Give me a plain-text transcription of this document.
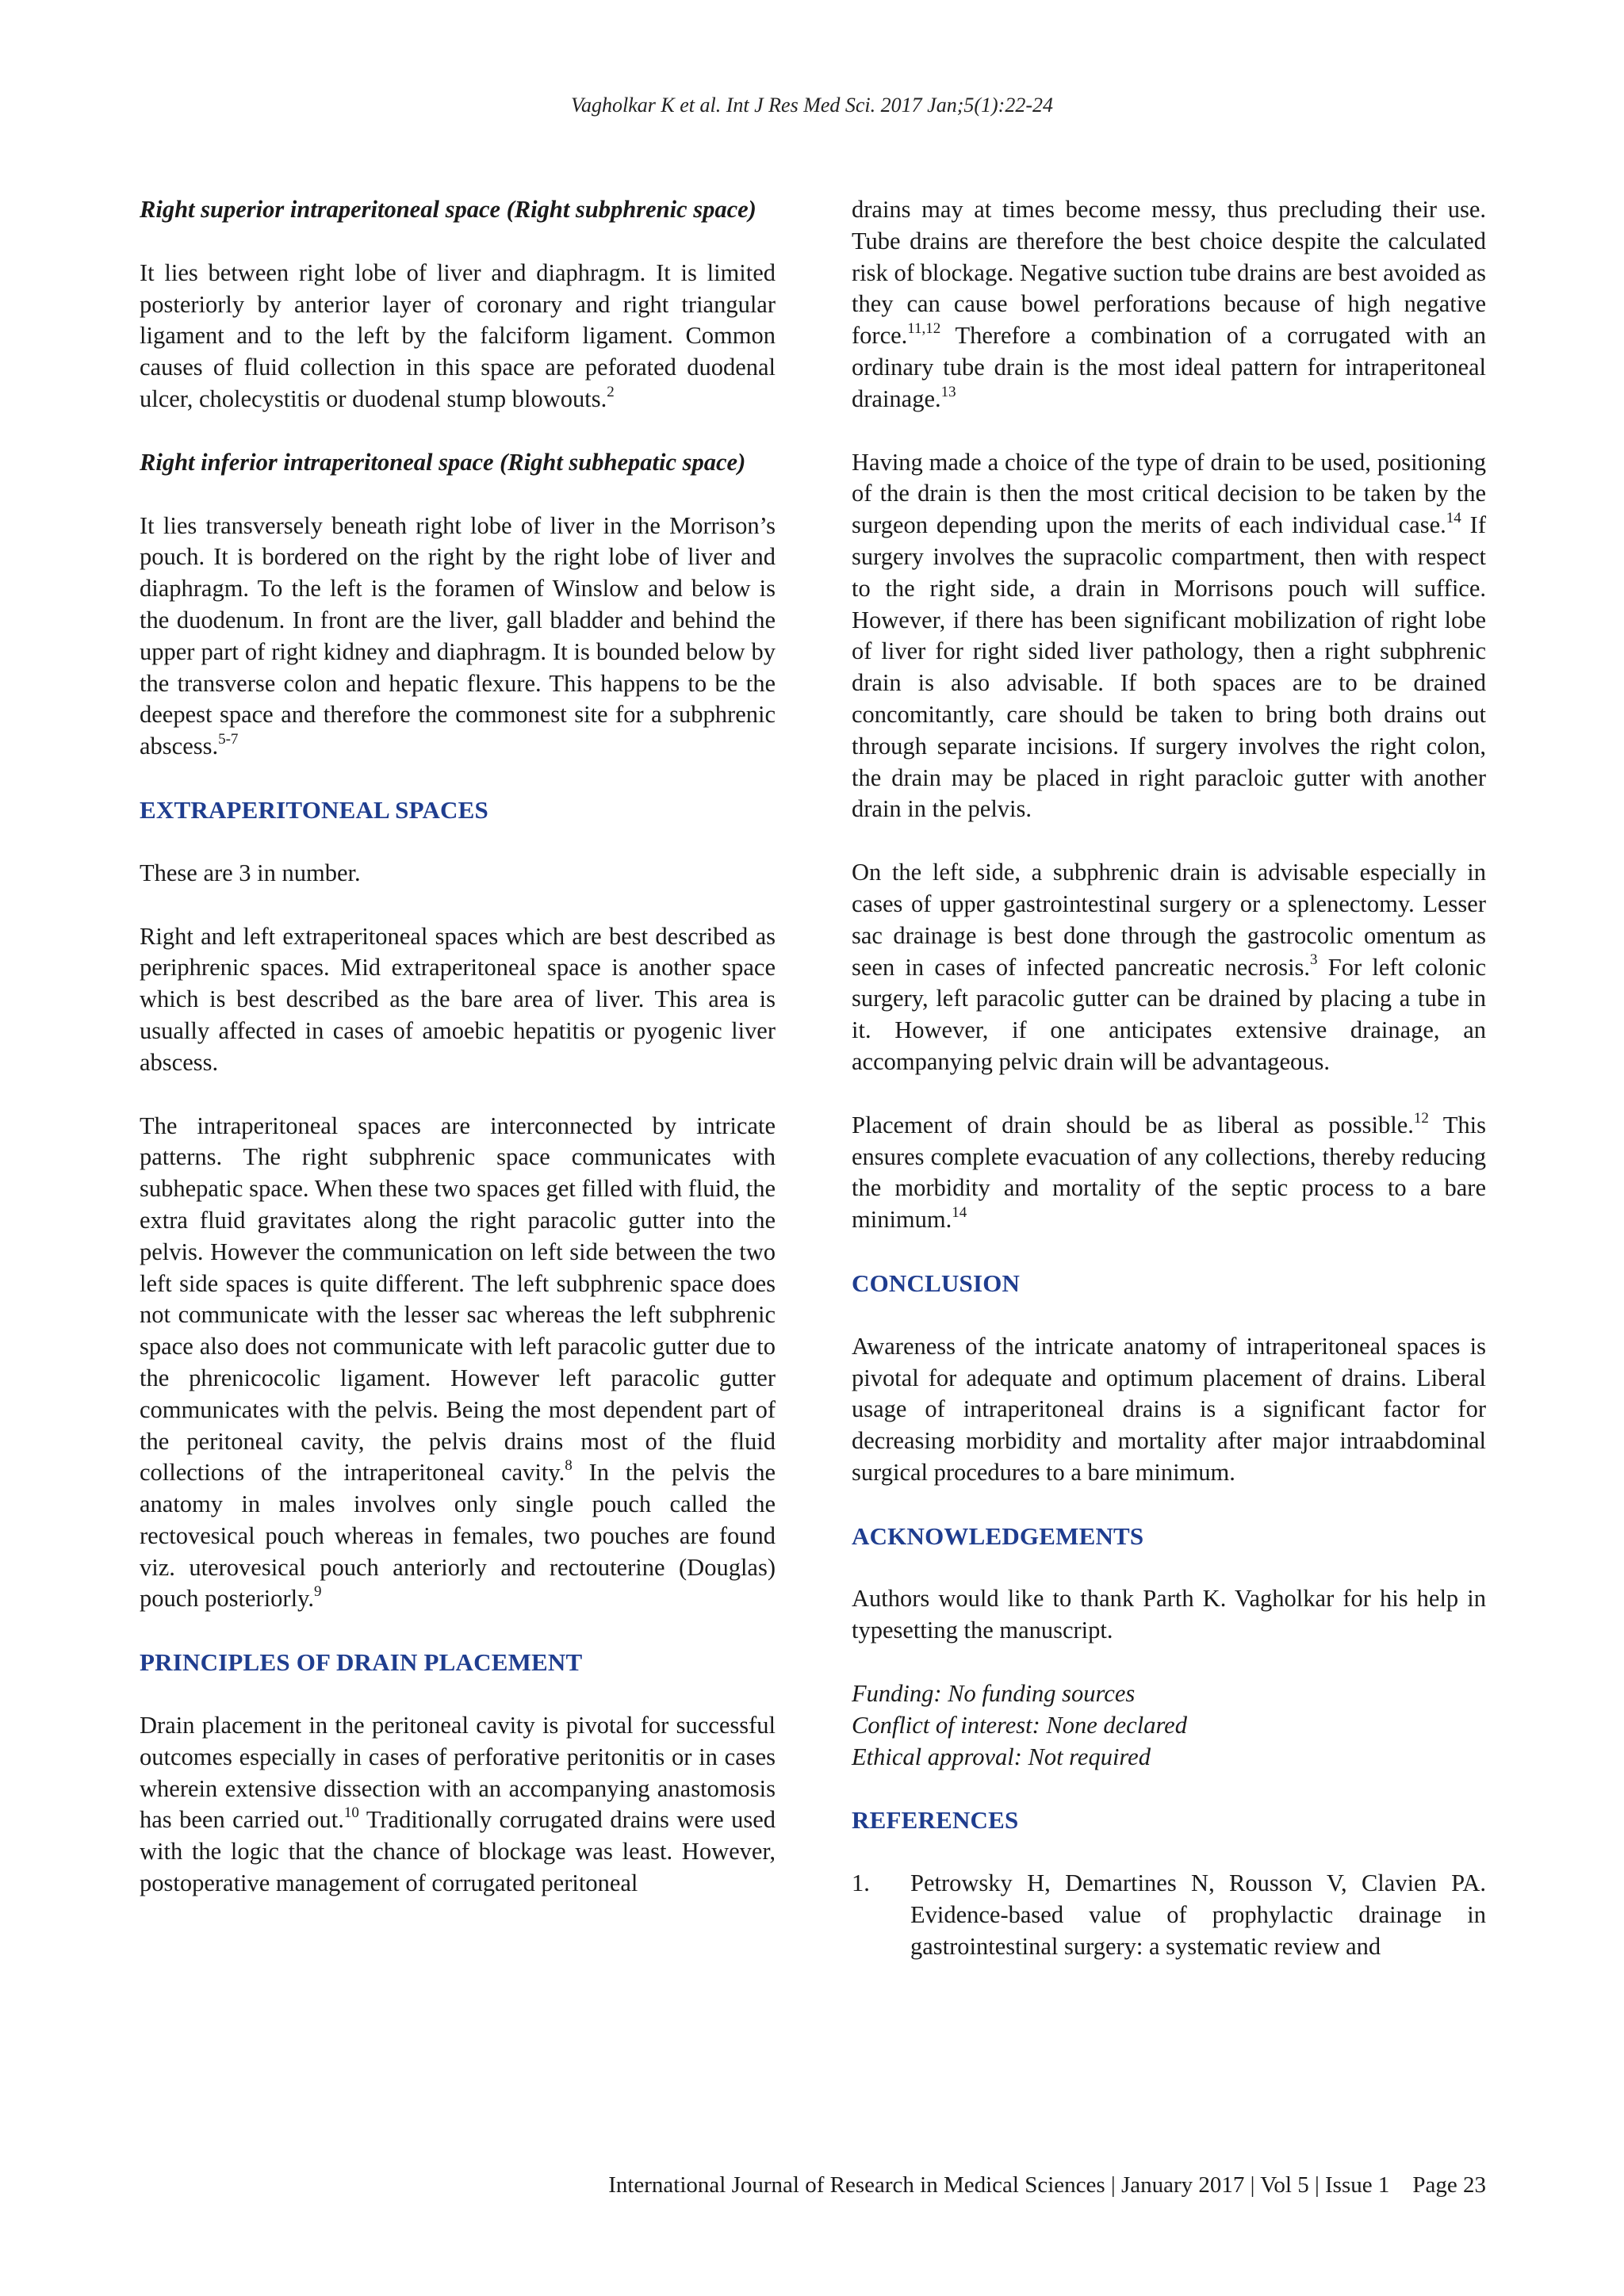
Vagholkar K et al. Int J Res Med Sci. 2017 Jan;5(1):22-24
Right superior intraperitoneal space (Right subphrenic space)

It lies between right lobe of liver and diaphragm. It is limited posteriorly by anterior layer of coronary and right triangular ligament and to the left by the falciform ligament. Common causes of fluid collection in this space are peforated duodenal ulcer, cholecystitis or duodenal stump blowouts.$^2$

Right inferior intraperitoneal space (Right subhepatic space)

It lies transversely beneath right lobe of liver in the Morrison’s pouch. It is bordered on the right by the right lobe of liver and diaphragm. To the left is the foramen of Winslow and below is the duodenum. In front are the liver, gall bladder and behind the upper part of right kidney and diaphragm. It is bounded below by the transverse colon and hepatic flexure. This happens to be the deepest space and therefore the commonest site for a subphrenic abscess.$^{5-7}$

EXTRAPERITONEAL SPACES

These are 3 in number.

Right and left extraperitoneal spaces which are best described as periphrenic spaces. Mid extraperitoneal space is another space which is best described as the bare area of liver. This area is usually affected in cases of amoebic hepatitis or pyogenic liver abscess.

The intraperitoneal spaces are interconnected by intricate patterns. The right subphrenic space communicates with subhepatic space. When these two spaces get filled with fluid, the extra fluid gravitates along the right paracolic gutter into the pelvis. However the communication on left side between the two left side spaces is quite different. The left subphrenic space does not communicate with the lesser sac whereas the left subphrenic space also does not communicate with left paracolic gutter due to the phrenicocolic ligament. However left paracolic gutter communicates with the pelvis. Being the most dependent part of the peritoneal cavity, the pelvis drains most of the fluid collections of the intraperitoneal cavity.$^8$ In the pelvis the anatomy in males involves only single pouch called the rectovesical pouch whereas in females, two pouches are found viz. uterovesical pouch anteriorly and rectouterine (Douglas) pouch posteriorly.$^9$

PRINCIPLES OF DRAIN PLACEMENT

Drain placement in the peritoneal cavity is pivotal for successful outcomes especially in cases of perforative peritonitis or in cases wherein extensive dissection with an accompanying anastomosis has been carried out.$^{10}$ Traditionally corrugated drains were used with the logic that the chance of blockage was least. However, postoperative management of corrugated peritoneal

drains may at times become messy, thus precluding their use. Tube drains are therefore the best choice despite the calculated risk of blockage. Negative suction tube drains are best avoided as they can cause bowel perforations because of high negative force.$^{11,12}$ Therefore a combination of a corrugated with an ordinary tube drain is the most ideal pattern for intraperitoneal drainage.$^{13}$

Having made a choice of the type of drain to be used, positioning of the drain is then the most critical decision to be taken by the surgeon depending upon the merits of each individual case.$^{14}$ If surgery involves the supracolic compartment, then with respect to the right side, a drain in Morrisons pouch will suffice. However, if there has been significant mobilization of right lobe of liver for right sided liver pathology, then a right subphrenic drain is also advisable. If both spaces are to be drained concomitantly, care should be taken to bring both drains out through separate incisions. If surgery involves the right colon, the drain may be placed in right paracloic gutter with another drain in the pelvis.

On the left side, a subphrenic drain is advisable especially in cases of upper gastrointestinal surgery or a splenectomy. Lesser sac drainage is best done through the gastrocolic omentum as seen in cases of infected pancreatic necrosis.$^3$ For left colonic surgery, left paracolic gutter can be drained by placing a tube in it. However, if one anticipates extensive drainage, an accompanying pelvic drain will be advantageous.

Placement of drain should be as liberal as possible.$^{12}$ This ensures complete evacuation of any collections, thereby reducing the morbidity and mortality of the septic process to a bare minimum.$^{14}$

CONCLUSION

Awareness of the intricate anatomy of intraperitoneal spaces is pivotal for adequate and optimum placement of drains. Liberal usage of intraperitoneal drains is a significant factor for decreasing morbidity and mortality after major intraabdominal surgical procedures to a bare minimum.

ACKNOWLEDGEMENTS

Authors would like to thank Parth K. Vagholkar for his help in typesetting the manuscript.

Funding: No funding sources
Conflict of interest: None declared
Ethical approval: Not required
REFERENCES
1.	Petrowsky H, Demartines N, Rousson V, Clavien PA. Evidence-based value of prophylactic drainage in gastrointestinal surgery: a systematic review and
International Journal of Research in Medical Sciences | January 2017 | Vol 5 | Issue 1 Page 23
